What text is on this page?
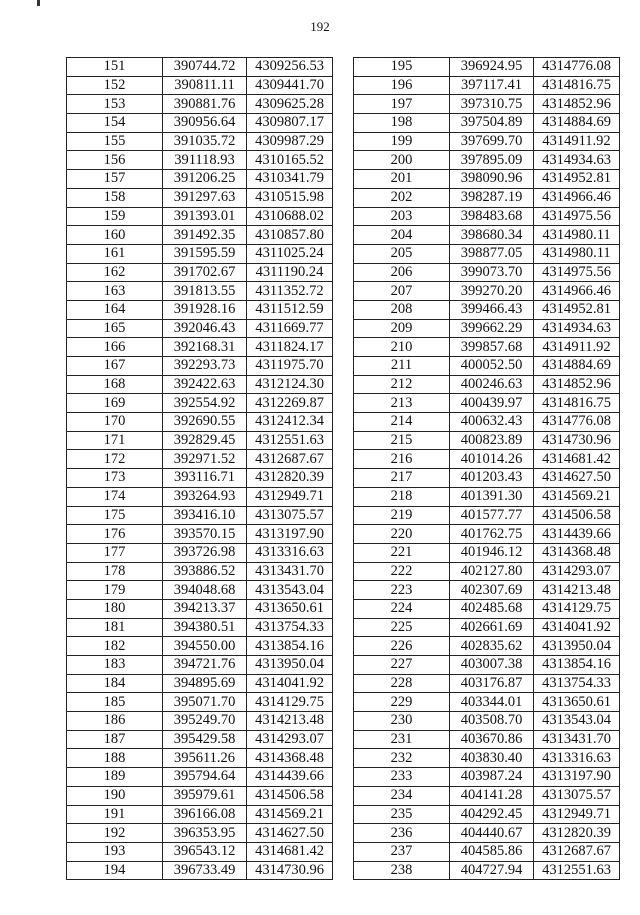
192
151	390744.72	4309256.53
152	390811.11	4309441.70
153	390881.76	4309625.28
154	390956.64	4309807.17
155	391035.72	4309987.29
156	391118.93	4310165.52
157	391206.25	4310341.79
158	391297.63	4310515.98
159	391393.01	4310688.02
160	391492.35	4310857.80
161	391595.59	4311025.24
162	391702.67	4311190.24
163	391813.55	4311352.72
164	391928.16	4311512.59
165	392046.43	4311669.77
166	392168.31	4311824.17
167	392293.73	4311975.70
168	392422.63	4312124.30
169	392554.92	4312269.87
170	392690.55	4312412.34
171	392829.45	4312551.63
172	392971.52	4312687.67
173	393116.71	4312820.39
174	393264.93	4312949.71
175	393416.10	4313075.57
176	393570.15	4313197.90
177	393726.98	4313316.63
178	393886.52	4313431.70
179	394048.68	4313543.04
180	394213.37	4313650.61
181	394380.51	4313754.33
182	394550.00	4313854.16
183	394721.76	4313950.04
184	394895.69	4314041.92
185	395071.70	4314129.75
186	395249.70	4314213.48
187	395429.58	4314293.07
188	395611.26	4314368.48
189	395794.64	4314439.66
190	395979.61	4314506.58
191	396166.08	4314569.21
192	396353.95	4314627.50
193	396543.12	4314681.42
194	396733.49	4314730.96
195	396924.95	4314776.08
196	397117.41	4314816.75
197	397310.75	4314852.96
198	397504.89	4314884.69
199	397699.70	4314911.92
200	397895.09	4314934.63
201	398090.96	4314952.81
202	398287.19	4314966.46
203	398483.68	4314975.56
204	398680.34	4314980.11
205	398877.05	4314980.11
206	399073.70	4314975.56
207	399270.20	4314966.46
208	399466.43	4314952.81
209	399662.29	4314934.63
210	399857.68	4314911.92
211	400052.50	4314884.69
212	400246.63	4314852.96
213	400439.97	4314816.75
214	400632.43	4314776.08
215	400823.89	4314730.96
216	401014.26	4314681.42
217	401203.43	4314627.50
218	401391.30	4314569.21
219	401577.77	4314506.58
220	401762.75	4314439.66
221	401946.12	4314368.48
222	402127.80	4314293.07
223	402307.69	4314213.48
224	402485.68	4314129.75
225	402661.69	4314041.92
226	402835.62	4313950.04
227	403007.38	4313854.16
228	403176.87	4313754.33
229	403344.01	4313650.61
230	403508.70	4313543.04
231	403670.86	4313431.70
232	403830.40	4313316.63
233	403987.24	4313197.90
234	404141.28	4313075.57
235	404292.45	4312949.71
236	404440.67	4312820.39
237	404585.86	4312687.67
238	404727.94	4312551.63
